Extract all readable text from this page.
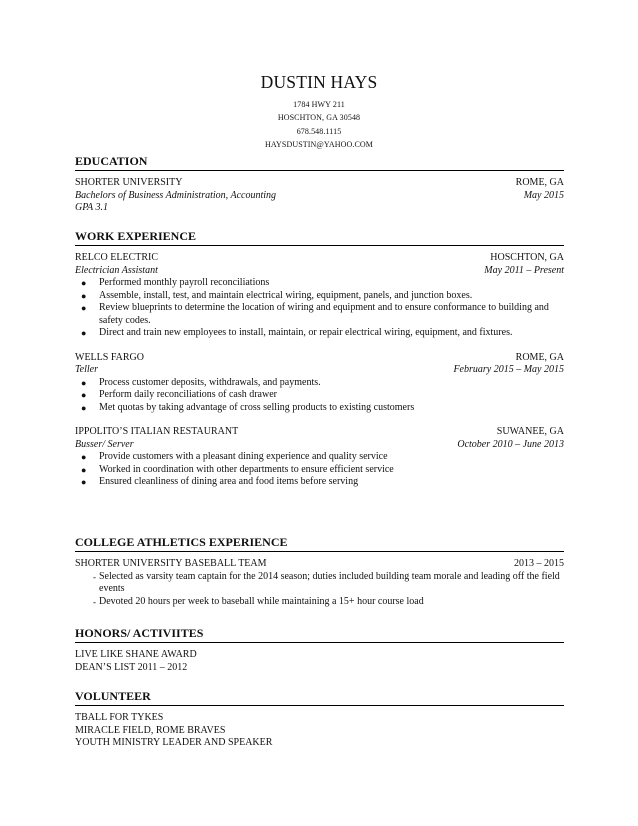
DUSTIN HAYS
1784 HWY 211
HOSCHTON, GA 30548
678.548.1115
HAYSDUSTIN@YAHOO.COM
EDUCATION
SHORTER UNIVERSITY	ROME, GA
Bachelors of Business Administration, Accounting	May 2015
GPA 3.1
WORK EXPERIENCE
RELCO ELECTRIC	HOSCHTON, GA
Electrician Assistant	May 2011 – Present
● Performed monthly payroll reconciliations
● Assemble, install, test, and maintain electrical wiring, equipment, panels, and junction boxes.
● Review blueprints to determine the location of wiring and equipment and to ensure conformance to building and safety codes.
● Direct and train new employees to install, maintain, or repair electrical wiring, equipment, and fixtures.
WELLS FARGO	ROME, GA
Teller	February 2015 – May 2015
● Process customer deposits, withdrawals, and payments.
● Perform daily reconciliations of cash drawer
● Met quotas by taking advantage of cross selling products to existing customers
IPPOLITO’S ITALIAN RESTAURANT	SUWANEE, GA
Busser/ Server	October 2010 – June 2013
● Provide customers with a pleasant dining experience and quality service
● Worked in coordination with other departments to ensure efficient service
● Ensured cleanliness of dining area and food items before serving
COLLEGE ATHLETICS EXPERIENCE
SHORTER UNIVERSITY BASEBALL TEAM	2013 – 2015
- Selected as varsity team captain for the 2014 season; duties included building team morale and leading off the field events
- Devoted 20 hours per week to baseball while maintaining a 15+ hour course load
HONORS/ ACTIVIITES
LIVE LIKE SHANE AWARD
DEAN’S LIST 2011 – 2012
VOLUNTEER
TBALL FOR TYKES
MIRACLE FIELD, ROME BRAVES
YOUTH MINISTRY LEADER AND SPEAKER
